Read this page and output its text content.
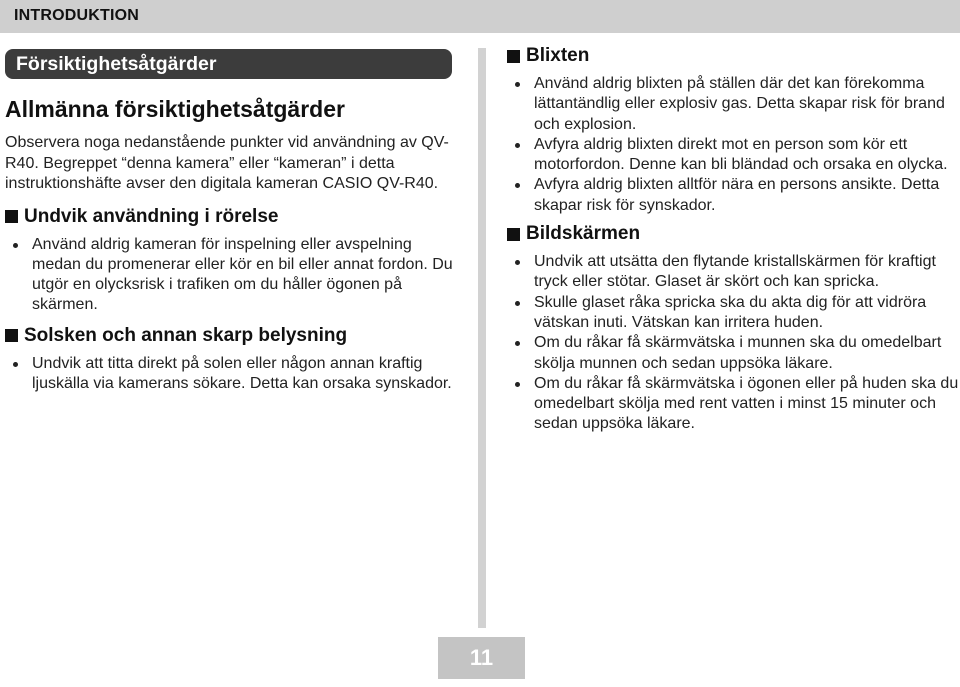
INTRODUKTION
Försiktighetsåtgärder
Allmänna försiktighetsåtgärder

Observera noga nedanstående punkter vid användning av QV-R40. Begreppet “denna kamera” eller “kameran” i detta instruktionshäfte avser den digitala kameran CASIO QV-R40.

Undvik användning i rörelse
Använd aldrig kameran för inspelning eller avspelning medan du promenerar eller kör en bil eller annat fordon. Du utgör en olycksrisk i trafiken om du håller ögonen på skärmen.
Solsken och annan skarp belysning
Undvik att titta direkt på solen eller någon annan kraftig ljuskälla via kamerans sökare. Detta kan orsaka synskador.
Blixten
Använd aldrig blixten på ställen där det kan förekomma lättantändlig eller explosiv gas. Detta skapar risk för brand och explosion.
Avfyra aldrig blixten direkt mot en person som kör ett motorfordon. Denne kan bli bländad och orsaka en olycka.
Avfyra aldrig blixten alltför nära en persons ansikte. Detta skapar risk för synskador.
Bildskärmen
Undvik att utsätta den flytande kristallskärmen för kraftigt tryck eller stötar. Glaset är skört och kan spricka.
Skulle glaset råka spricka ska du akta dig för att vidröra vätskan inuti. Vätskan kan irritera huden.
Om du råkar få skärmvätska i munnen ska du omedelbart skölja munnen och sedan uppsöka läkare.
Om du råkar få skärmvätska i ögonen eller på huden ska du omedelbart skölja med rent vatten i minst 15 minuter och sedan uppsöka läkare.
11
